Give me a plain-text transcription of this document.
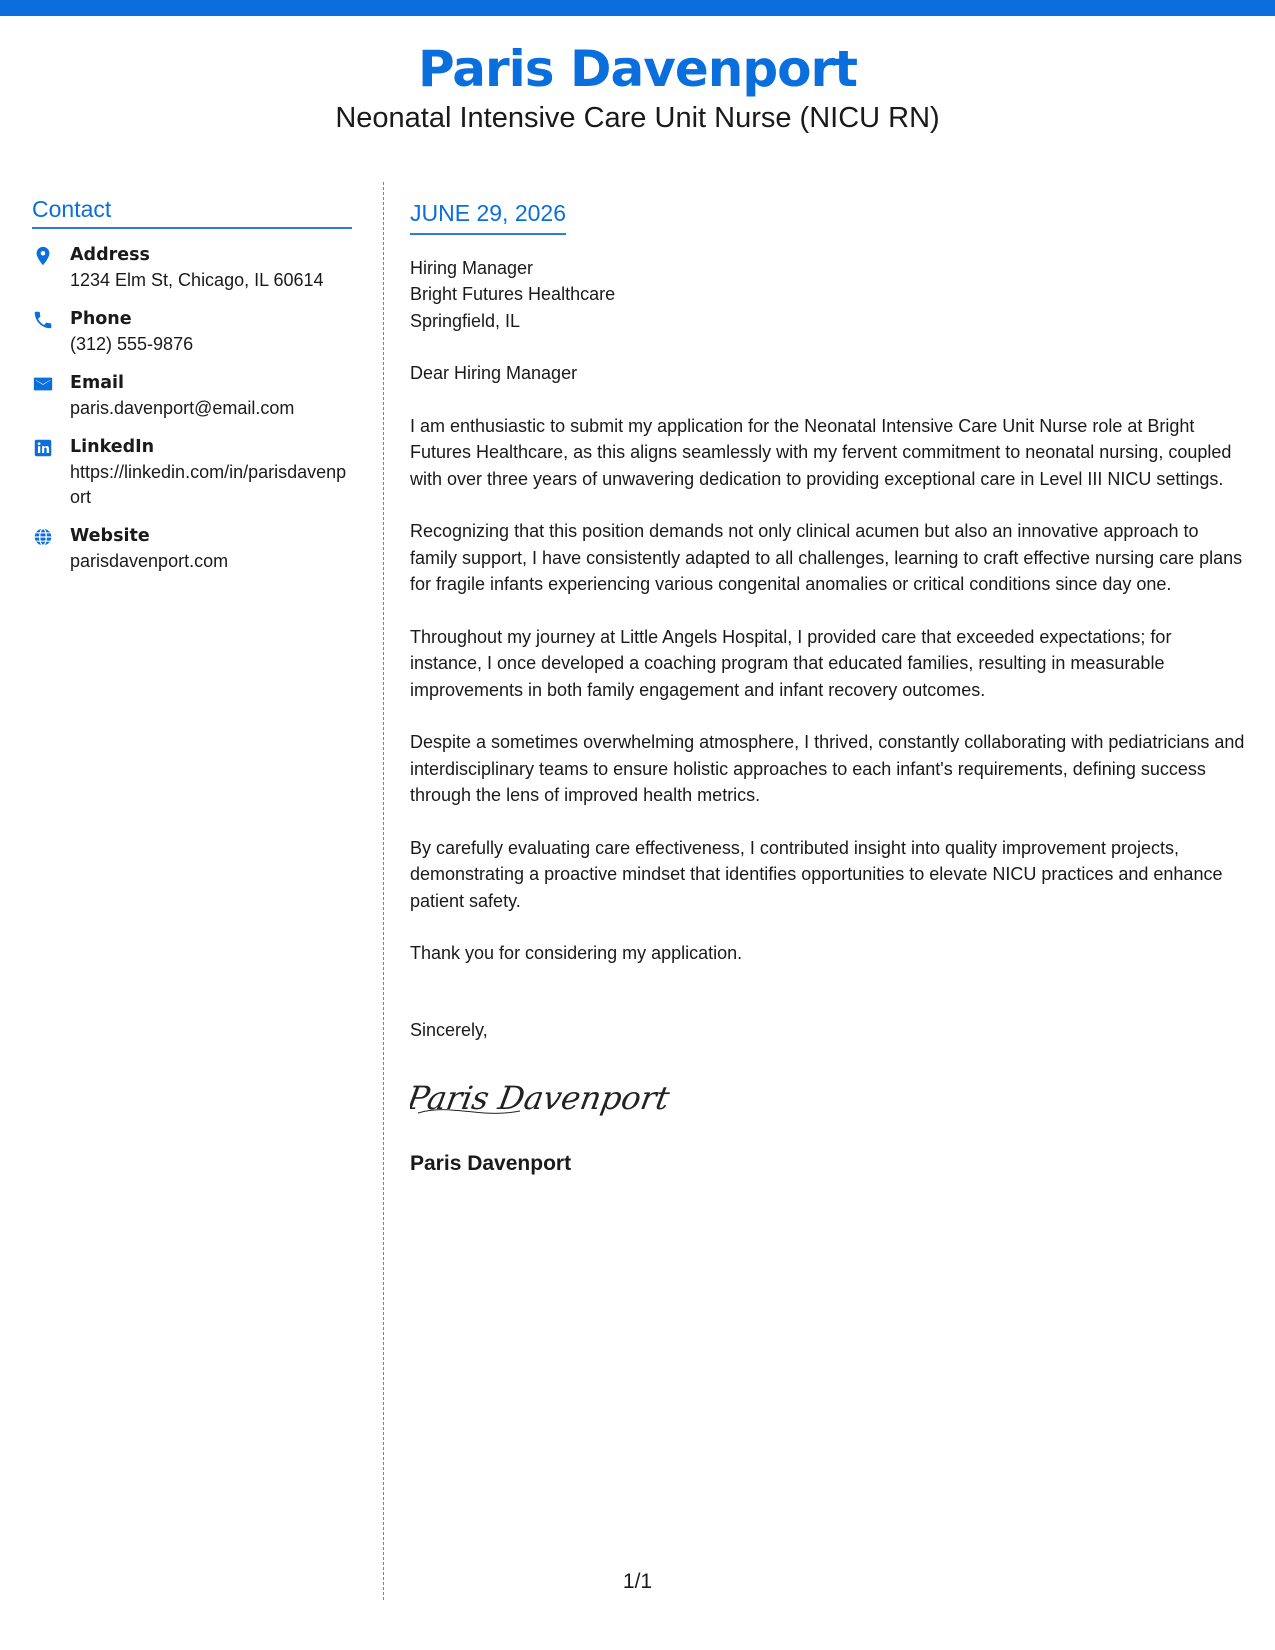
Paris Davenport
Neonatal Intensive Care Unit Nurse (NICU RN)
Contact
Address
1234 Elm St, Chicago, IL 60614
Phone
(312) 555-9876
Email
paris.davenport@email.com
LinkedIn
https://linkedin.com/in/parisdavenport
Website
parisdavenport.com
JUNE 29, 2026
Hiring Manager
Bright Futures Healthcare
Springfield, IL
Dear Hiring Manager
I am enthusiastic to submit my application for the Neonatal Intensive Care Unit Nurse role at Bright Futures Healthcare, as this aligns seamlessly with my fervent commitment to neonatal nursing, coupled with over three years of unwavering dedication to providing exceptional care in Level III NICU settings.
Recognizing that this position demands not only clinical acumen but also an innovative approach to family support, I have consistently adapted to all challenges, learning to craft effective nursing care plans for fragile infants experiencing various congenital anomalies or critical conditions since day one.
Throughout my journey at Little Angels Hospital, I provided care that exceeded expectations; for instance, I once developed a coaching program that educated families, resulting in measurable improvements in both family engagement and infant recovery outcomes.
Despite a sometimes overwhelming atmosphere, I thrived, constantly collaborating with pediatricians and interdisciplinary teams to ensure holistic approaches to each infant's requirements, defining success through the lens of improved health metrics.
By carefully evaluating care effectiveness, I contributed insight into quality improvement projects, demonstrating a proactive mindset that identifies opportunities to elevate NICU practices and enhance patient safety.
Thank you for considering my application.
Sincerely,
Paris Davenport
Paris Davenport
1/1
